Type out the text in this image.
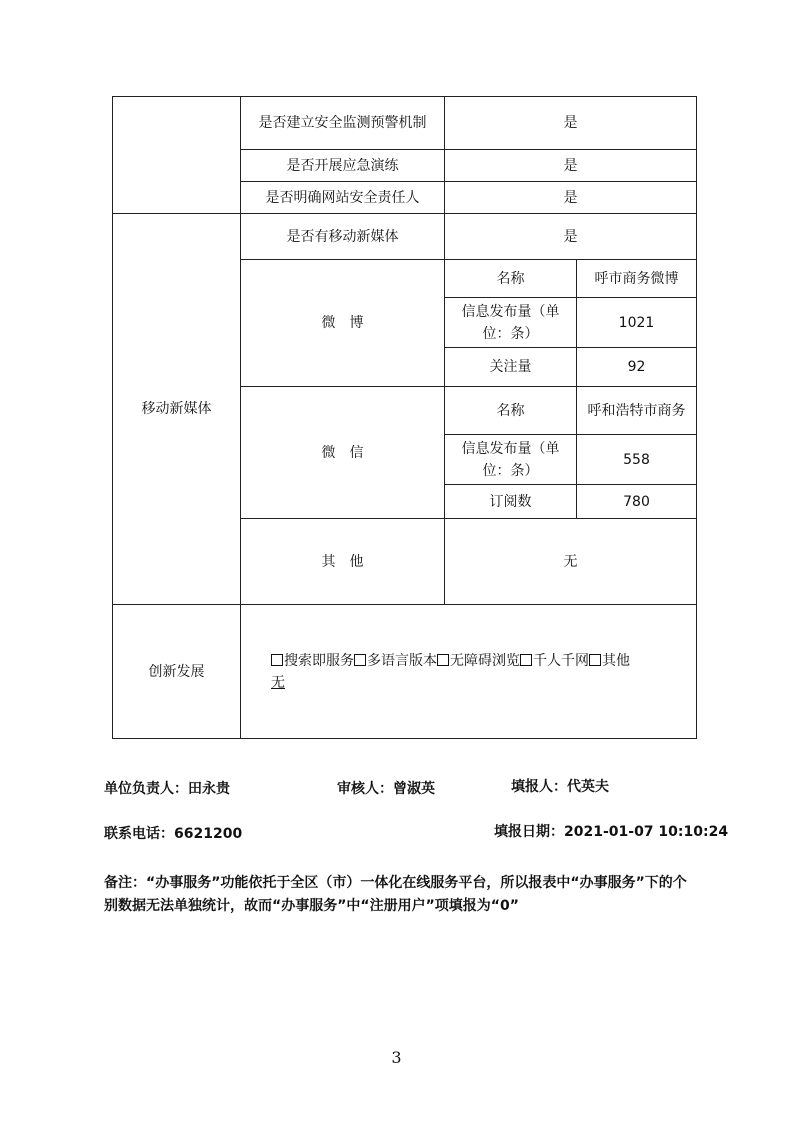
	是否建立安全监测预警机制	是	
	是否开展应急演练	是	
	是否明确网站安全责任人	是	
移动新媒体	是否有移动新媒体	是	
	微　博	名称	呼市商务微博
		信息发布量（单位：条）	1021
		关注量	92
	微　信	名称	呼和浩特市商务
		信息发布量（单位：条）	558
		订阅数	780
	其　他	无	
创新发展	搜索即服务 多语言版本 无障碍浏览 千人千网 其他
无		
单位负责人：田永贵	审核人：曾淑英	填报人：代英夫
联系电话：6621200	填报日期：2021-01-07 10:10:24
备注：“办事服务”功能依托于全区（市）一体化在线服务平台，所以报表中“办事服务”下的个别数据无法单独统计，故而“办事服务”中“注册用户”项填报为“0”
3
